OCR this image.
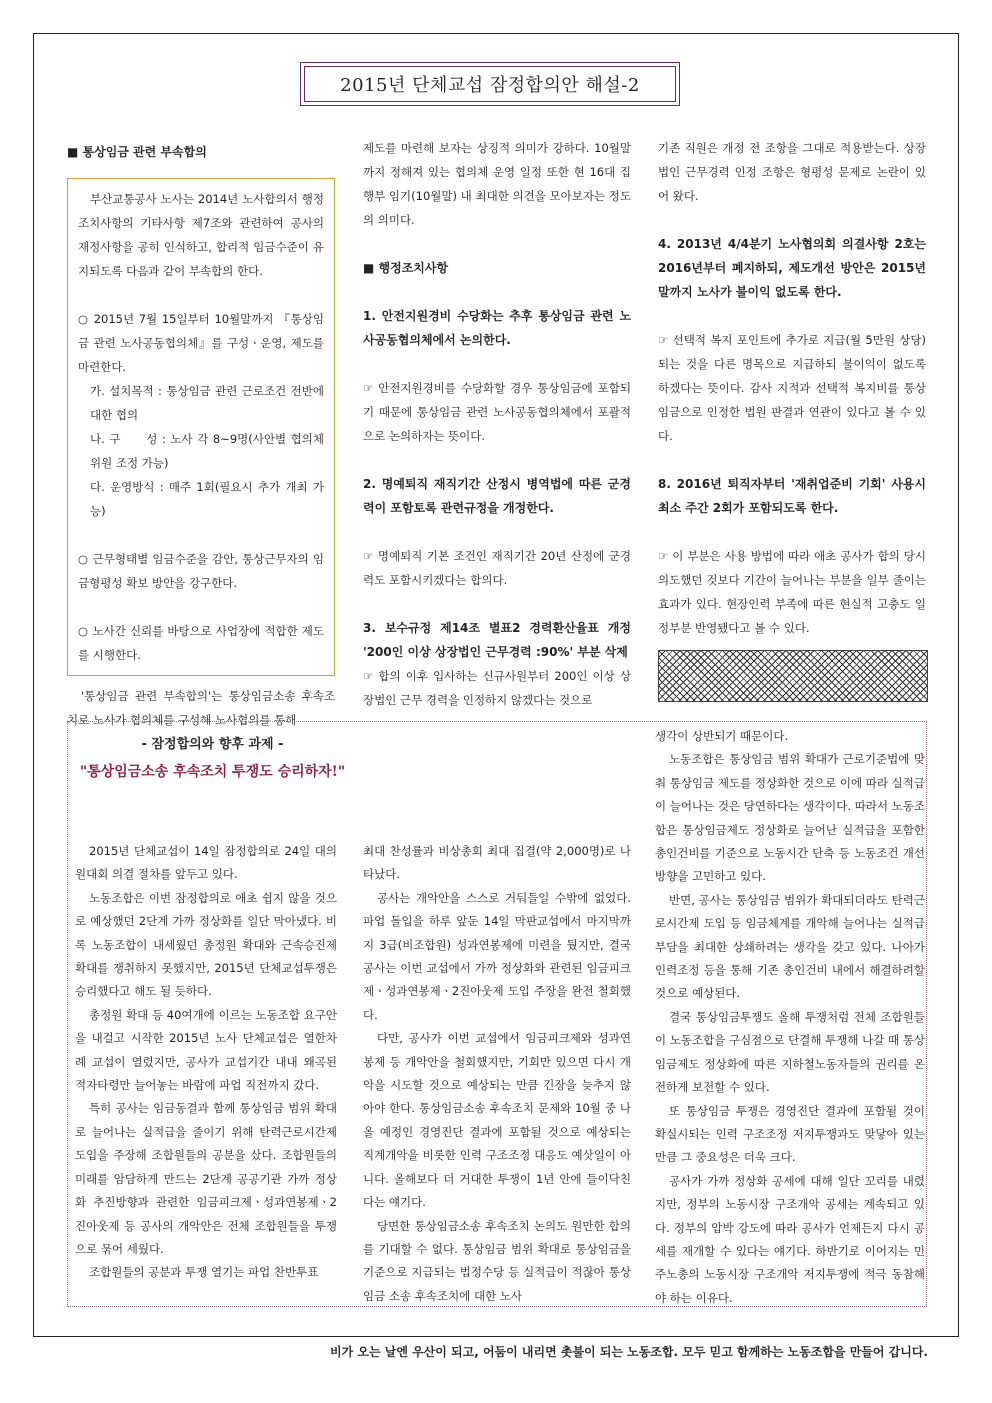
2015년 단체교섭 잠정합의안 해설-2

■ 통상임금 관련 부속합의

부산교통공사 노사는 2014년 노사합의서 행정조치사항의 기타사항 제7조와 관련하여 공사의 재정사항을 공히 인식하고, 합리적 임금수준이 유지되도록 다음과 같이 부속합의 한다.

○ 2015년 7월 15일부터 10월말까지 『통상임금 관련 노사공동협의체』를 구성ㆍ운영, 제도를 마련한다.

가. 설치목적 : 통상임금 관련 근로조건 전반에 대한 협의

나. 구　　성 : 노사 각 8~9명(사안별 협의체 위원 조정 가능)

다. 운영방식 : 매주 1회(필요시 추가 개최 가능)

○ 근무형태별 임금수준을 감안, 통상근무자의 임금형평성 확보 방안을 강구한다.

○ 노사간 신뢰를 바탕으로 사업장에 적합한 제도를 시행한다.

'통상임금 관련 부속합의'는 통상임금소송 후속조치로 노사가 협의체를 구성해 노사협의를 통해

제도를 마련해 보자는 상징적 의미가 강하다. 10월말까지 정해져 있는 협의체 운영 일정 또한 현 16대 집행부 임기(10월말) 내 최대한 의견을 모아보자는 정도의 의미다.

■ 행정조치사항

1. 안전지원경비 수당화는 추후 통상임금 관련 노사공동협의체에서 논의한다.

☞ 안전지원경비를 수당화할 경우 통상임금에 포함되기 때문에 통상임금 관련 노사공동협의체에서 포괄적으로 논의하자는 뜻이다.

2. 명예퇴직 재직기간 산정시 병역법에 따른 군경력이 포함토록 관련규정을 개정한다.

☞ 명예퇴직 기본 조건인 재직기간 20년 산정에 군경력도 포함시키겠다는 합의다.

3. 보수규정 제14조 별표2 경력환산율표 개정 '200인 이상 상장법인 근무경력 :90%' 부분 삭제

☞ 합의 이후 입사하는 신규사원부터 200인 이상 상장법인 근무 경력을 인정하지 않겠다는 것으로

기존 직원은 개정 전 조항을 그대로 적용받는다. 상장법인 근무경력 인정 조항은 형평성 문제로 논란이 있어 왔다.

4. 2013년 4/4분기 노사협의회 의결사항 2호는 2016년부터 폐지하되, 제도개선 방안은 2015년 말까지 노사가 불이익 없도록 한다.

☞ 선택적 복지 포인트에 추가로 지급(월 5만원 상당)되는 것을 다른 명목으로 지급하되 불이익이 없도록 하겠다는 뜻이다. 감사 지적과 선택적 복지비를 통상임금으로 인정한 법원 판결과 연관이 있다고 볼 수 있다.

8. 2016년 퇴직자부터 '재취업준비 기회' 사용시 최소 주간 2회가 포함되도록 한다.

☞ 이 부분은 사용 방법에 따라 애초 공사가 합의 당시 의도했던 것보다 기간이 늘어나는 부분을 일부 줄이는 효과가 있다. 현장인력 부족에 따른 현실적 고충도 일정부분 반영됐다고 볼 수 있다.

- 잠정합의와 향후 과제 -
"통상임금소송 후속조치 투쟁도 승리하자!"

2015년 단체교섭이 14일 잠정합의로 24일 대의원대회 의결 절차를 앞두고 있다.

노동조합은 이번 잠정합의로 애초 쉽지 않을 것으로 예상했던 2단계 가까 정상화를 일단 막아냈다. 비록 노동조합이 내세웠던 총정원 확대와 근속승진제 확대를 쟁취하지 못했지만, 2015년 단체교섭투쟁은 승리했다고 해도 될 듯하다.

총정원 확대 등 40여개에 이르는 노동조합 요구안을 내걸고 시작한 2015년 노사 단체교섭은 열한차례 교섭이 열렸지만, 공사가 교섭기간 내내 왜곡된 적자타령만 늘어놓는 바람에 파업 직전까지 갔다.

특히 공사는 임금동결과 함께 통상임금 범위 확대로 늘어나는 실적급을 줄이기 위해 탄력근로시간제 도입을 주장해 조합원들의 공분을 샀다. 조합원들의 미래를 암담하게 만드는 2단계 공공기관 가까 정상화 추진방향과 관련한 임금피크제ㆍ성과연봉제ㆍ2진아웃제 등 공사의 개악안은 전체 조합원들을 투쟁으로 묶어 세웠다.

조합원들의 공분과 투쟁 열기는 파업 찬반투표

최대 찬성률과 비상총회 최대 집결(약 2,000명)로 나타났다.

공사는 개악안을 스스로 거둬들일 수밖에 없었다. 파업 돌입을 하루 앞둔 14일 막판교섭에서 마지막까지 3급(비조합원) 성과연봉제에 미련을 뒀지만, 결국 공사는 이번 교섭에서 가까 정상화와 관련된 임금피크제ㆍ성과연봉제ㆍ2진아웃제 도입 주장을 완전 철회했다.

다만, 공사가 이번 교섭에서 임금피크제와 성과연봉제 등 개악안을 철회했지만, 기회만 있으면 다시 개악을 시도할 것으로 예상되는 만큼 긴장을 늦추지 않아야 한다. 통상임금소송 후속조치 문제와 10월 중 나올 예정인 경영진단 결과에 포함될 것으로 예상되는 직계개악을 비롯한 인력 구조조정 대응도 예삿일이 아니다. 올해보다 더 거대한 투쟁이 1년 안에 들이닥친다는 얘기다.

당면한 통상임금소송 후속조치 논의도 원만한 합의를 기대할 수 없다. 통상임금 범위 확대로 통상임금을 기준으로 지급되는 법정수당 등 실적급이 적잖아 통상임금 소송 후속조치에 대한 노사

생각이 상반되기 때문이다.

노동조합은 통상임금 범위 확대가 근로기준법에 맞춰 통상임금 제도를 정상화한 것으로 이에 따라 실적급이 늘어나는 것은 당연하다는 생각이다. 따라서 노동조합은 통상임금제도 정상화로 늘어난 실적급을 포함한 총인건비를 기준으로 노동시간 단축 등 노동조건 개선 방향을 고민하고 있다.

반면, 공사는 통상임금 범위가 확대되더라도 탄력근로시간제 도입 등 임금체계를 개악해 늘어나는 실적급 부담을 최대한 상쇄하려는 생각을 갖고 있다. 나아가 인력조정 등을 통해 기존 총인건비 내에서 해결하려할 것으로 예상된다.

결국 통상임금투쟁도 올해 투쟁처럼 전체 조합원들이 노동조합을 구심점으로 단결해 투쟁해 나갈 때 통상임금제도 정상화에 따른 지하철노동자들의 권리를 온전하게 보전할 수 있다.

또 통상임금 투쟁은 경영진단 결과에 포함될 것이 확실시되는 인력 구조조정 저지투쟁과도 맞닿아 있는 만큼 그 중요성은 더욱 크다.

공사가 가까 정상화 공세에 대해 일단 꼬리를 내렸지만, 정부의 노동시장 구조개악 공세는 계속되고 있다. 정부의 압박 강도에 따라 공사가 언제든지 다시 공세를 재개할 수 있다는 얘기다. 하반기로 이어지는 민주노총의 노동시장 구조개악 저지투쟁에 적극 동참해야 하는 이유다.

비가 오는 날엔 우산이 되고, 어둠이 내리면 촛불이 되는 노동조합. 모두 믿고 함께하는 노동조합을 만들어 갑니다.
